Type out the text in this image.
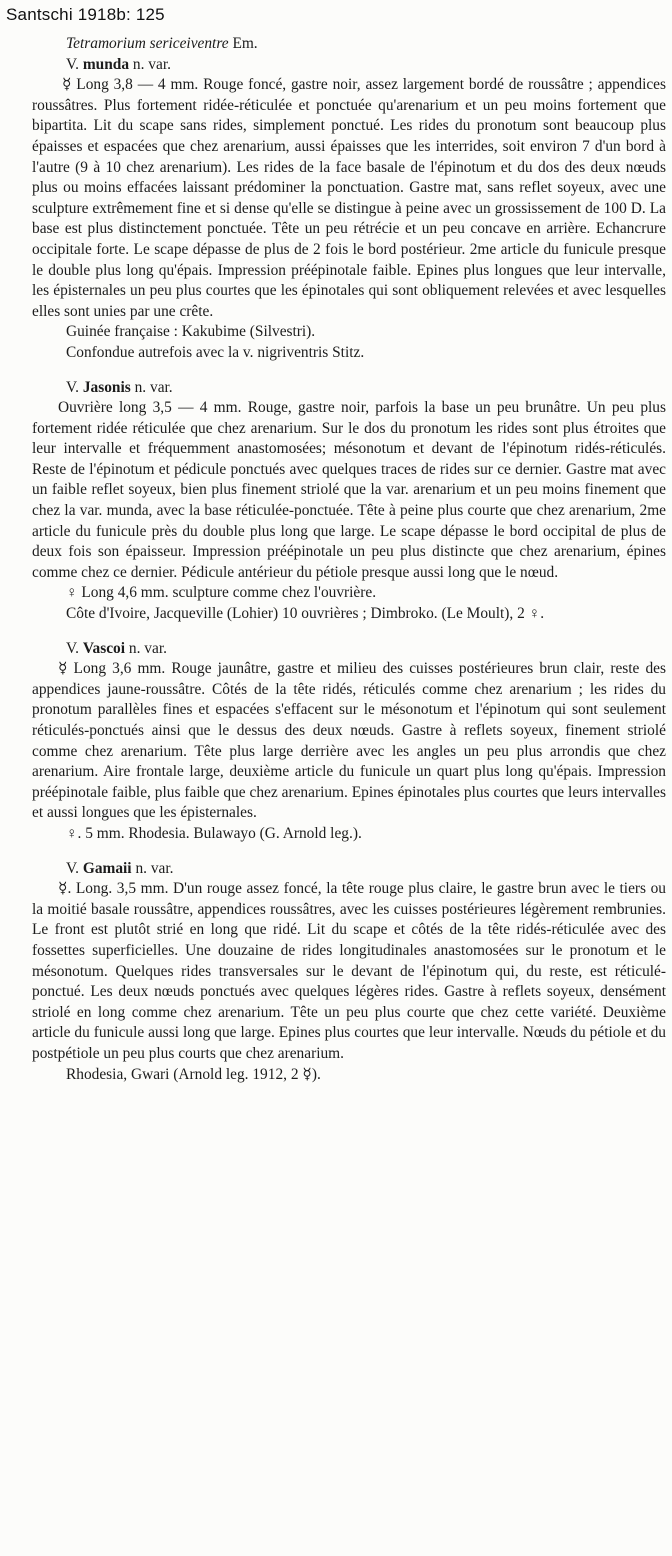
Santschi 1918b: 125

Tetramorium sericeiventre Em.

V. munda n. var.

☿ Long 3,8 — 4 mm. Rouge foncé, gastre noir, assez largement bordé de roussâtre ; appendices roussâtres. Plus fortement ridée-réticulée et ponctuée qu'arenarium et un peu moins fortement que bipartita. Lit du scape sans rides, simplement ponctué. Les rides du pronotum sont beaucoup plus épaisses et espacées que chez arenarium, aussi épaisses que les interrides, soit environ 7 d'un bord à l'autre (9 à 10 chez arenarium). Les rides de la face basale de l'épinotum et du dos des deux nœuds plus ou moins effacées laissant prédominer la ponctuation. Gastre mat, sans reflet soyeux, avec une sculpture extrêmement fine et si dense qu'elle se distingue à peine avec un grossissement de 100 D. La base est plus distinctement ponctuée. Tête un peu rétrécie et un peu concave en arrière. Echancrure occipitale forte. Le scape dépasse de plus de 2 fois le bord postérieur. 2me article du funicule presque le double plus long qu'épais. Impression préépinotale faible. Epines plus longues que leur intervalle, les épisternales un peu plus courtes que les épinotales qui sont obliquement relevées et avec lesquelles elles sont unies par une crête.

Guinée française : Kakubime (Silvestri).

Confondue autrefois avec la v. nigriventris Stitz.

V. Jasonis n. var.

Ouvrière long 3,5 — 4 mm. Rouge, gastre noir, parfois la base un peu brunâtre. Un peu plus fortement ridée réticulée que chez arenarium. Sur le dos du pronotum les rides sont plus étroites que leur intervalle et fréquemment anastomosées; mésonotum et devant de l'épinotum ridés-réticulés. Reste de l'épinotum et pédicule ponctués avec quelques traces de rides sur ce dernier. Gastre mat avec un faible reflet soyeux, bien plus finement striolé que la var. arenarium et un peu moins finement que chez la var. munda, avec la base réticulée-ponctuée. Tête à peine plus courte que chez arenarium, 2me article du funicule près du double plus long que large. Le scape dépasse le bord occipital de plus de deux fois son épaisseur. Impression préépinotale un peu plus distincte que chez arenarium, épines comme chez ce dernier. Pédicule antérieur du pétiole presque aussi long que le nœud.

♀ Long 4,6 mm. sculpture comme chez l'ouvrière.

Côte d'Ivoire, Jacqueville (Lohier) 10 ouvrières ; Dimbroko. (Le Moult), 2 ♀.

V. Vascoi n. var.

☿ Long 3,6 mm. Rouge jaunâtre, gastre et milieu des cuisses postérieures brun clair, reste des appendices jaune-roussâtre. Côtés de la tête ridés, réticulés comme chez arenarium ; les rides du pronotum parallèles fines et espacées s'effacent sur le mésonotum et l'épinotum qui sont seulement réticulés-ponctués ainsi que le dessus des deux nœuds. Gastre à reflets soyeux, finement striolé comme chez arenarium. Tête plus large derrière avec les angles un peu plus arrondis que chez arenarium. Aire frontale large, deuxième article du funicule un quart plus long qu'épais. Impression préépinotale faible, plus faible que chez arenarium. Epines épinotales plus courtes que leurs intervalles et aussi longues que les épisternales.

♀. 5 mm. Rhodesia. Bulawayo (G. Arnold leg.).

V. Gamaii n. var.

☿. Long. 3,5 mm. D'un rouge assez foncé, la tête rouge plus claire, le gastre brun avec le tiers ou la moitié basale roussâtre, appendices roussâtres, avec les cuisses postérieures légèrement rembrunies. Le front est plutôt strié en long que ridé. Lit du scape et côtés de la tête ridés-réticulée avec des fossettes superficielles. Une douzaine de rides longitudinales anastomosées sur le pronotum et le mésonotum. Quelques rides transversales sur le devant de l'épinotum qui, du reste, est réticulé-ponctué. Les deux nœuds ponctués avec quelques légères rides. Gastre à reflets soyeux, densément striolé en long comme chez arenarium. Tête un peu plus courte que chez cette variété. Deuxième article du funicule aussi long que large. Epines plus courtes que leur intervalle. Nœuds du pétiole et du postpétiole un peu plus courts que chez arenarium.

Rhodesia, Gwari (Arnold leg. 1912, 2 ☿).
